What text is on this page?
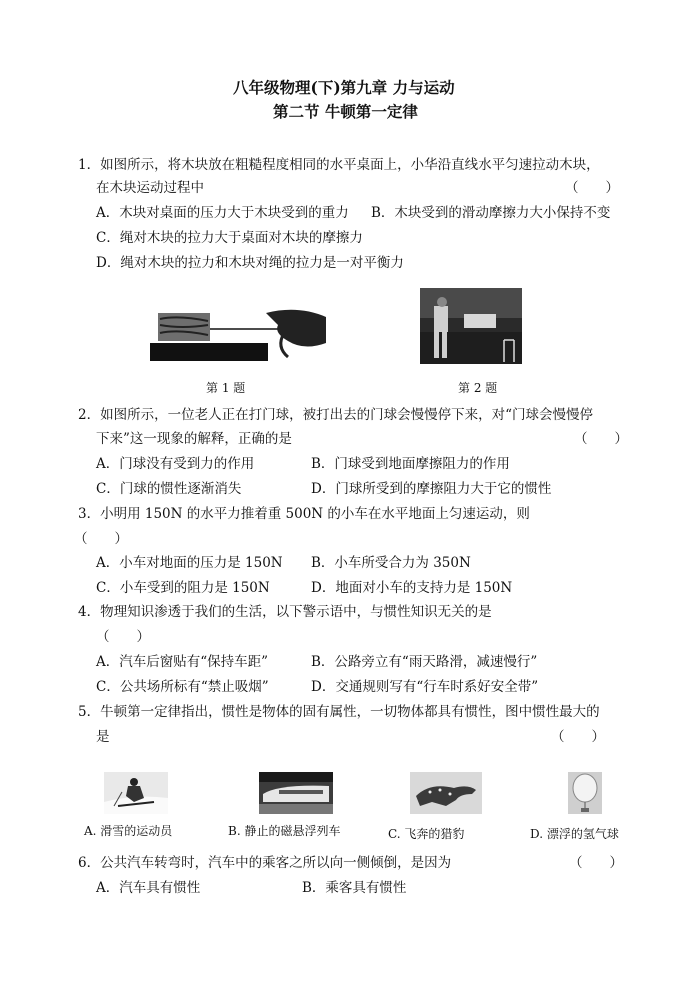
八年级物理(下)第九章 力与运动
第二节 牛顿第一定律
1．如图所示，将木块放在粗糙程度相同的水平桌面上，小华沿直线水平匀速拉动木块，
在木块运动过程中	（　　）
A．木块对桌面的压力大于木块受到的重力 B．木块受到的滑动摩擦力大小保持不变
C．绳对木块的拉力大于桌面对木块的摩擦力
D．绳对木块的拉力和木块对绳的拉力是一对平衡力
第 1 题	第 2 题
2．如图所示，一位老人正在打门球，被打出去的门球会慢慢停下来，对“门球会慢慢停
下来”这一现象的解释，正确的是	（　　）
A．门球没有受到力的作用	B．门球受到地面摩擦阻力的作用
C．门球的惯性逐渐消失	D．门球所受到的摩擦阻力大于它的惯性
3．小明用 150N 的水平力推着重 500N 的小车在水平地面上匀速运动，则
（　　）
A．小车对地面的压力是 150N B．小车所受合力为 350N
C．小车受到的阻力是 150N	D．地面对小车的支持力是 150N
4．物理知识渗透于我们的生活，以下警示语中，与惯性知识无关的是
（　　）
A．汽车后窗贴有“保持车距”	B．公路旁立有“雨天路滑，减速慢行”
C．公共场所标有“禁止吸烟”	D．交通规则写有“行车时系好安全带”
5．牛顿第一定律指出，惯性是物体的固有属性，一切物体都具有惯性，图中惯性最大的
是	（　　）
A. 滑雪的运动员	B. 静止的磁悬浮列车	C. 飞奔的猎豹	D. 漂浮的氢气球
6．公共汽车转弯时，汽车中的乘客之所以向一侧倾倒，是因为	（　　）
A．汽车具有惯性	B．乘客具有惯性
